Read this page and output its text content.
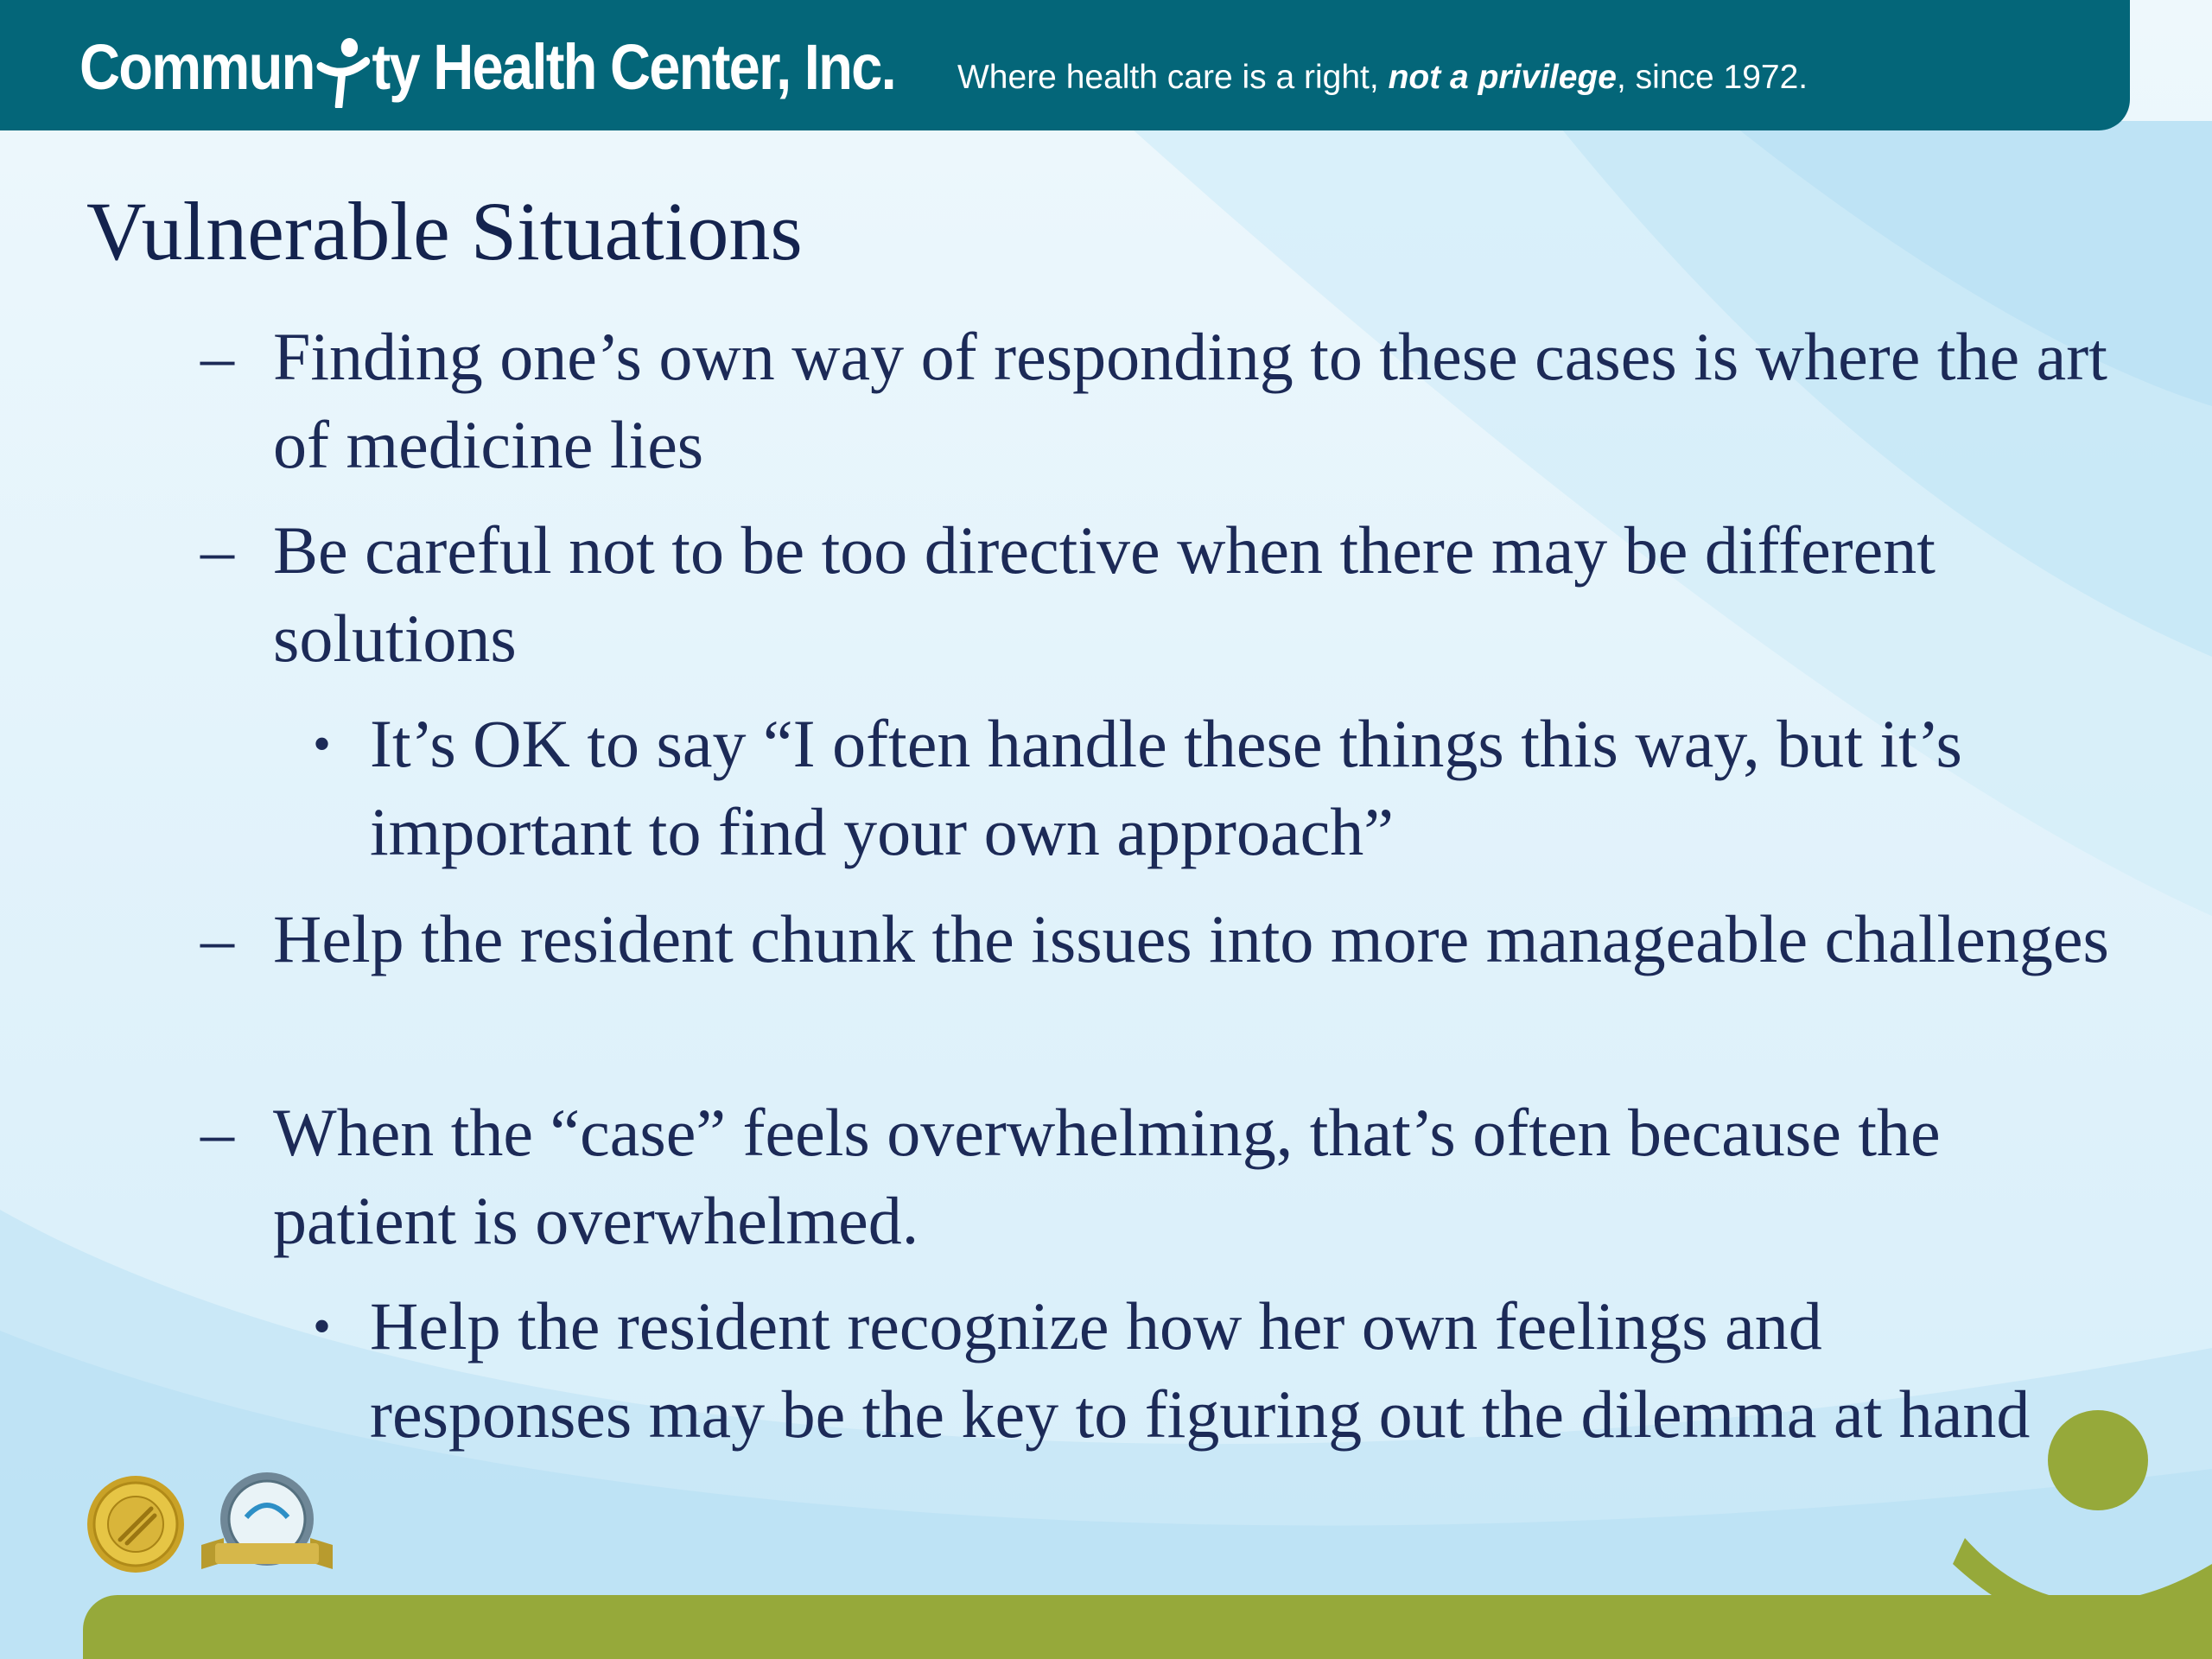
Commun ty Health Center, Inc. Where health care is a right, not a privilege, since 1972.
Vulnerable Situations
– Finding one’s own way of responding to these cases is where the art of medicine lies
– Be careful not to be too directive when there may be different solutions
• It’s OK to say “I often handle these things this way, but it’s important to find your own approach”
– Help the resident chunk the issues into more manageable challenges
– When the “case” feels overwhelming, that’s often because the patient is overwhelmed.
• Help the resident recognize how her own feelings and responses may be the key to figuring out the dilemma at hand
